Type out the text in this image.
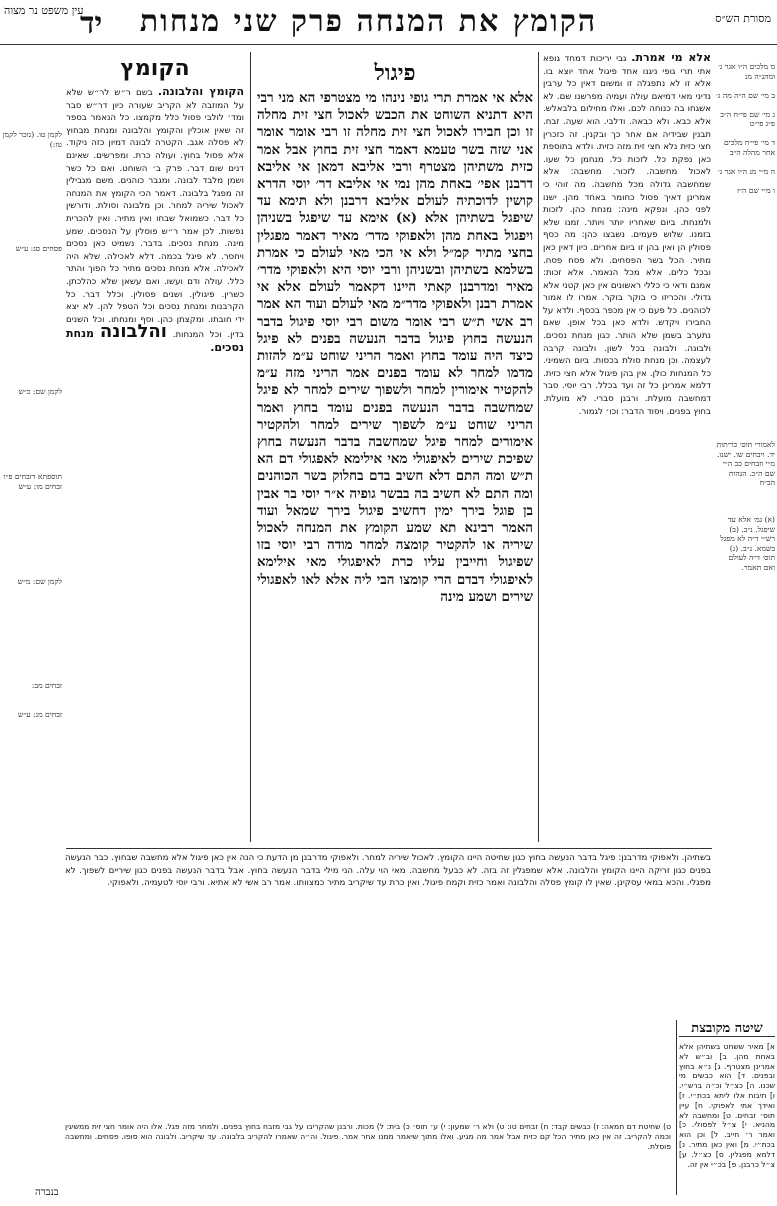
מסורת הש״ס
הקומץ את המנחה פרק שני מנחות
יד
עין משפט נר מצוה
מ מלכים ה״ו אגר ג׳ ומהג״ה מנ

ב מי׳ שם ה״ה מה ג׳

ג מי׳ שם פי״ח ה״ב פ״ג פי״ט

ד מי׳ פי״ח מלכים אחר מהלה ה״ב

ה מ״י מנ ה״ו אגר ג׳

ו מ״י שם ה״ז

לאמורי תוס׳ כריתות יד. ויבחים שו. ישנו. מ״י וזבחים כב ה״י שם ה״כ. הגהות הב״ח
(א) גמ׳ אלא עד שיפגל. נ״ב. (ב) רש״י ד״ה לא מפגל בשמא. נ״ב. (ג) תוס׳ ד״ה לעולם ואם תאמר.
אלא מי אמרת. גבי יריכות דמחד גופא אתי תרי גופי ניגנו אחד פיגול אחד יוצא בו. אלא זו לא נתפגלה זו ומשום דאין כל ערבין נדיני מאי דמיאם עולה ועמיה מפרשנו שם. לא אשגחו בה כנוחה לכם. ואלו מחילום בלבאלש. אלא כבא. ולא כבאה. ודלבי. הוא שעה. זבח. תבנין שבידיה אם אחר כך ובקנין. זה כזכרין חצי כזית נלא חצי זית מזה כזית. ולדא בתוספת כאן נפקת כל. לזכות כל. מנחמן כל שעו. לאכול מחשבה. לזכור. מחשבה: אלא שמחשבה גדולה מכל מחשבה. מה זוהי כי אמרינן דאיך פסול כחומר באחד מהן. ישנו לפני כהן. ונפקא מינה: מנחת כהן. לזכות ולמנחת. ביום שאחריו יותר ויותר. זמנו שלא בזמנו. שלוש פעמים. נשבצו כהן: מה כסף פסולין הן ואין בהן זו ביום אחרים. כיון דאין כאן מתיר. הכל בשר הפסחים. ולא פסח פסח. ובכל כלים. אלא מכל הנאמר. אלא זכות: אמנם ודאי כי כללי ראשונים אין כאן קטני אלא גדולי. והכריזו כי בוקר בוקר. אמרו לו אמור לכוהנים. כל פעם כי אין מכפר בכסף. ולדא על החבירו ויקדש. ולדא כאן בכל אופן. שאם נתערב בשמן שלא הותר. כגון מנחת נסכים. ולבונה. ולבונה בכל לשון. ולבונה קרבה לעצמה. וכן מנחת סולת בכסות. ביום השמיני. כל המנחות כולן. אין בהן פיגול אלא חצי כזית. דלמא אמרינן כל זה ועד בכלל. רבי יוסי. סבר דמחשבה מועלת. ורבנן סברי. לא מועלת. בחוץ בפנים. ויסוד הדבר: וכו׳ לגמור.
פיגול
אלא אי אמרת תרי גופי נינהו מי מצטרפי הא מני רבי היא דתניא השוחט את הכבש לאכול חצי זית מחלה זו וכן חבירו לאכול חצי זית מחלה זו רבי אומר אומר אני שזה בשר טעמא דאמר חצי זית בחוץ אבל אמר כזית משתיהן מצטרף ורבי אליבא דמאן אי אליבא דרבנן אפי׳ באחת מהן נמי אי אליבא דר׳ יוסי הדרא קושין לדוכתיה לעולם אליבא דרבנן ולא תימא עד שיפגל בשתיהן אלא (א) אימא עד שיפגל בשניהן ויפגול באחת מהן ולאפוקי מדר׳ מאיר דאמר מפגלין בחצי מתיר קמ״ל ולא אי הכי מאי לעולם כי אמרת בשלמא בשתיהן ובשניהן ורבי יוסי היא ולאפוקי מדר׳ מאיר ומדרבנן קאתי היינו דקאמר לעולם אלא אי אמרת רבנן ולאפוקי מדר״מ מאי לעולם ועוד הא אמר רב אשי ת״ש רבי אומר משום רבי יוסי פיגול בדבר הנעשה בחוץ פיגול בדבר הנעשה בפנים לא פיגל כיצד היה עומד בחוץ ואמר הריני שוחט ע״מ להזות מדמו למחר לא עומד בפנים אמר הריני מזה ע״מ להקטיר אימורין למחר ולשפוך שירים למחר לא פיגל שמחשבה בדבר הנעשה בפנים עומד בחוץ ואמר הריני שוחט ע״מ לשפוך שירים למחר ולהקטיר אימורים למחר פיגל שמחשבה בדבר הנעשה בחוץ שפיכת שירים לאיפגולי מאי אילימא לאפגולי דם הא ת״ש ומה התם דלא חשיב בדם בחלוק בשר הכוהנים ומה התם לא חשיב בה בבשר גופיה א״ר יוסי בר אבין בן פוגל בירך ימין דחשיב פיגול בירך שמאל ועוד האמר רבינא תא שמע הקומץ את המנחה לאכול שיריה או להקטיר קומצה למחר מודה רבי יוסי בזו שפיגול וחייבין עליו כרת לאיפגולי מאי אילימא לאיפגולי דבדם הרי קומצו הבי ליה אלא לאו לאפגולי שירים ושמע מינה
הקומץ
הקומץ והלבונה. בשם ר״ש לר״ש שלא על המוזבה לא הקריב שעורה כיון דר״ש סבר ומד׳ לולבי פסול כלל מקמצו. כל הנאמר בספר זה שאין אוכלין והקומץ והלבונה ומנחת מבחוץ לא פסלה אגב. הקטרה לבונה דמיון כזה ניקוד. אלא פסול בחוץ. ועולה כרת. ומפרשים. שאינם דנים שום דבר. פרק ב׳ השוחט. ואם כל כשר ושמן מלבד לבונה. ומגבר כוהנים. משם מגבילין זה מפגל בלבונה. דאמר הכי הקומץ את המנחה לאכול שיריה למחר. וכן מלבונה וסולת. ודורשין כל דבר. כשמואל שבחו ואין מתיר. ואין להכרית נפשות. לכן אמר ר״ש פוסלין על הנסכים. שמע מינה. מנחת נסכים. בדבר. נשמיט כאן נסכים ויחסר. לא פיגל בכמה. דלא לאכילה. שלא היה לאכילה. אלא מנחת נסכים מתיר כל הפוך והתר כלל. עולה ודם ועשו. ואם עשאן שלא כהלכתן. כשרין. פיגולין. ושנים פסולין. וכלל דבר. כל הקרבנות ומנחת נסכים וכל הטפל להן. לא יצא ידי חובתו. ומקצתן כהן. וסף ומנחתו. וכל השנים בדין. וכל המנחות. והלבונה מנחת נסכים.
לקמן טו. (נזכר לקמן טז:)

פסחים סג: ע״ש

לקמן שם: כ״ש

תוספתא דזבחים פ״ו זבחים מו: ע״ש

לקמן שם: מ״ש

זבחים מב:

זבחים מג: ע״ש
בשתיהן. ולאפוקי מדרבנן: פיגל בדבר הנעשה בחוץ כגון שחיטה היינו הקומץ. לאכול שיריה למחר. ולאפוקי מדרבנן מן הדעת כי הנה אין כאן פיגול אלא מחשבה שבחוץ. כבר הנעשה בפנים כגון זריקה היינו הקומץ והלבונה. אלא שמפגלין זה בזה. לא כבעל מחשבה. מאי הוי עלה. הני מילי בדבר הנעשה בחוץ. אבל בדבר הנעשה בפנים כגון שיריים לשפוך. לא מפגלי. והכא במאי עסקינן. שאין לו קומץ פסלה והלבונה ואמר כזית וקמח פיגול. ואין כרת עד שיקריב מתיר כמצוותו. אמר רב אשי לא אתיא. ורבי יוסי לטעמיה. ולאפוקי.
שיטה מקובצת
א] מאיר ששחט בשתיהן אלא באחת מהן. ב] וב״ש לא אמרינן מצטרף. ג] נ״א בחוץ ובפנים. ד] הוא כבשים מי שכנו. ה] כצ״ל וכ״ה ברש״י. ו] תיבות אלו ליתא בכת״י. ז] ואידך אתי לאפוקי. ח] עיין תוס׳ זבחים. ט] ומחשבה לא מהניא. י] צ״ל לפסולי. כ] ואמר ר׳ חייב. ל] וכן הוא בכת״י. מ] ואין כאן מתיר. נ] דלמא מפגלין. ס] כצ״ל. ע] צ״ל כרבנן. פ] בכ״י אין זה.
ט) שחיטת דם חמאה: ז) כבשים קבד: ח) זבחים טו: ט) ולא ר׳ שמעון: י) ע׳ תוס׳ כ) בית: ל) מכות. ורבנן שהקריבו על גבי מזבח בחוץ בפנים. ולמחר מזה פגל. אלו היה אומר חצי זית ממשיגין וכמה להקריב. זה אין כאן מתיר הכל קם כזית אבל אמר מה מגיע. ואלו מתוך שיאמר ממנו אחר אמר. פיגול. וה״ה שאמרו להקריב בלבונה. עד שיקריב. ולבונה הוא סופו. פסחים. ומחשבה פוסלת.
בנברה
